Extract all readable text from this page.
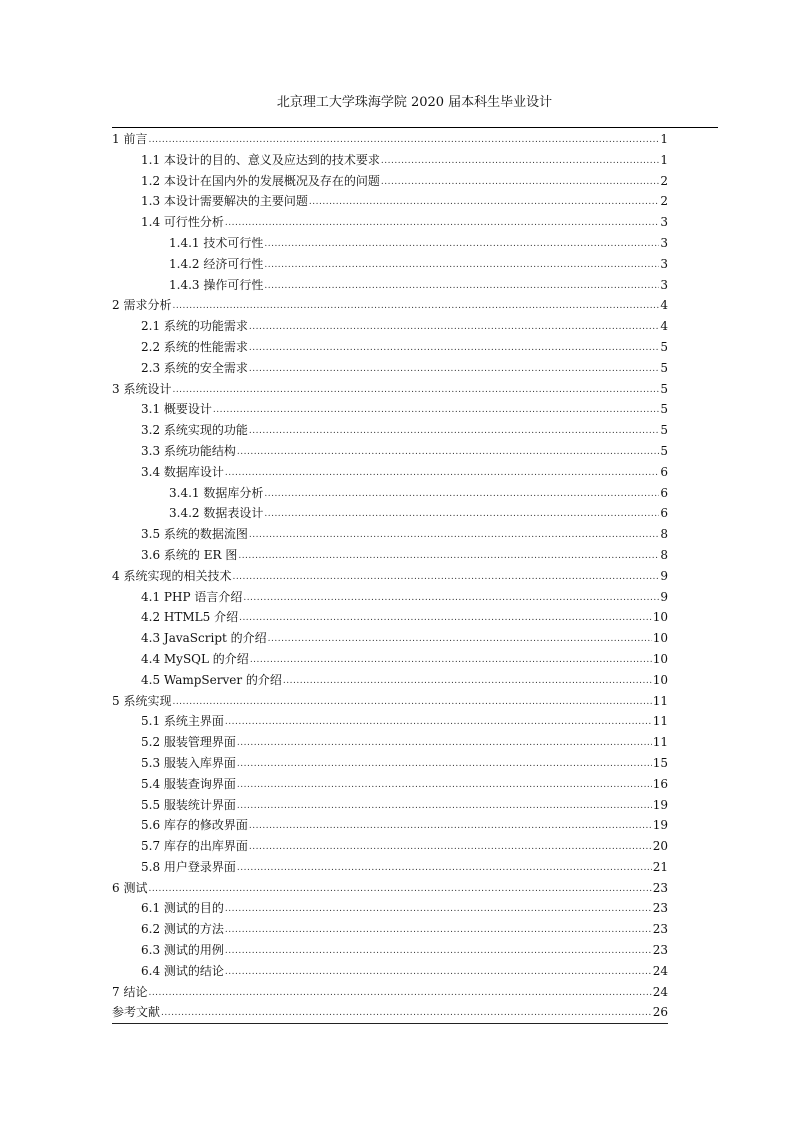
北京理工大学珠海学院 2020 届本科生毕业设计
1 前言 .....	1
1.1 本设计的目的、意义及应达到的技术要求 .....	1
1.2 本设计在国内外的发展概况及存在的问题 .....	2
1.3 本设计需要解决的主要问题 .....	2
1.4 可行性分析 .....	3
1.4.1 技术可行性 .....	3
1.4.2 经济可行性 .....	3
1.4.3 操作可行性 .....	3
2 需求分析 .....	4
2.1 系统的功能需求 .....	4
2.2 系统的性能需求 .....	5
2.3 系统的安全需求 .....	5
3 系统设计 .....	5
3.1 概要设计 .....	5
3.2 系统实现的功能 .....	5
3.3 系统功能结构 .....	5
3.4 数据库设计 .....	6
3.4.1 数据库分析 .....	6
3.4.2 数据表设计 .....	6
3.5 系统的数据流图 .....	8
3.6 系统的 ER 图 .....	8
4 系统实现的相关技术 .....	9
4.1 PHP 语言介绍 .....	9
4.2 HTML5 介绍 .....	10
4.3 JavaScript 的介绍 .....	10
4.4 MySQL 的介绍 .....	10
4.5 WampServer 的介绍 .....	10
5 系统实现 .....	11
5.1 系统主界面 .....	11
5.2 服装管理界面 .....	11
5.3 服装入库界面 .....	15
5.4 服装查询界面 .....	16
5.5 服装统计界面 .....	19
5.6 库存的修改界面 .....	19
5.7 库存的出库界面 .....	20
5.8 用户登录界面 .....	21
6 测试 .....	23
6.1 测试的目的 .....	23
6.2 测试的方法 .....	23
6.3 测试的用例 .....	23
6.4 测试的结论 .....	24
7 结论 .....	24
参考文献 .....	26
